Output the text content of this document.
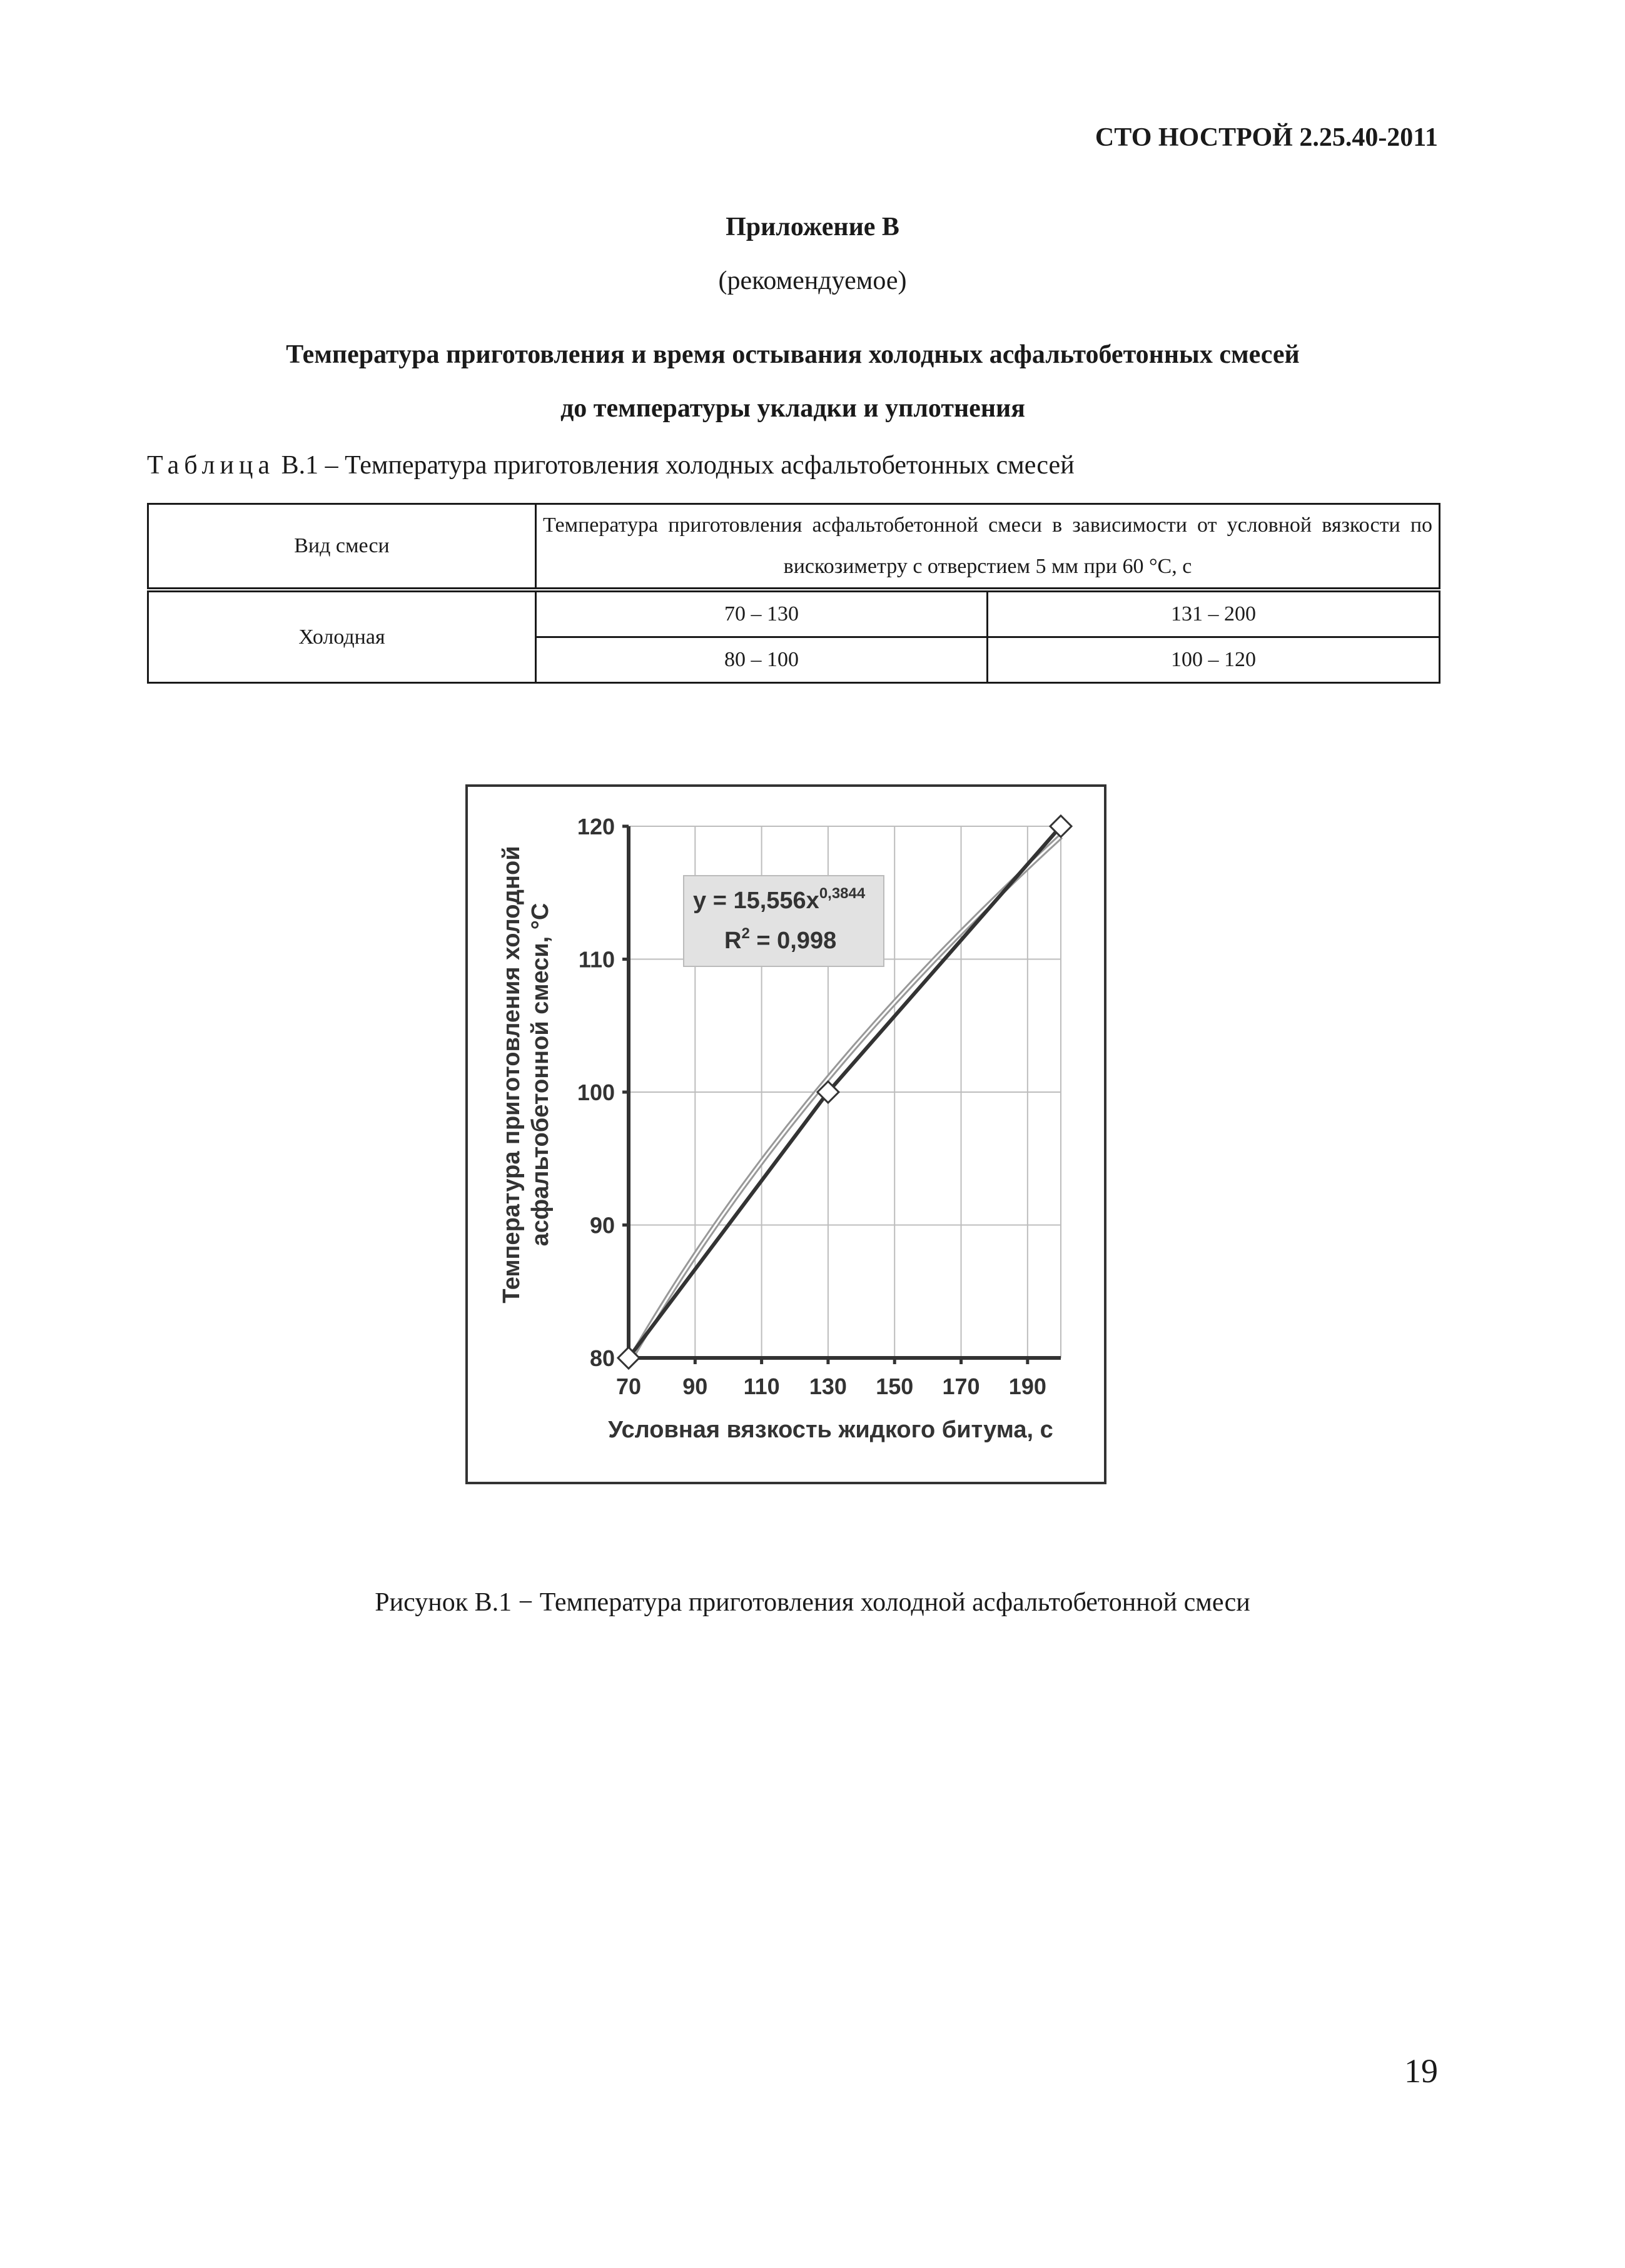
СТО НОСТРОЙ 2.25.40-2011
Приложение В
(рекомендуемое)
Температура приготовления и время остывания холодных асфальтобетонных смесей
до температуры укладки и уплотнения
Таблица В.1 – Температура приготовления холодных асфальтобетонных смесей
Вид смеси	Температура приготовления асфальтобетонной смеси в зависимости от условной вязкости по вискозиметру с отверстием 5 мм при 60 °С, с	
Холодная	70 – 130	131 – 200
	80 – 100	100 – 120
70 90 110 130 150 170 190
80
90
100
110
120
$y = 15,556x^{0,3844}$
$R^2 = 0,998$
Условная вязкость жидкого битума, с
Температура приготовления холодной асфальтобетонной смеси, °С
Рисунок В.1 − Температура приготовления холодной асфальтобетонной смеси
19
